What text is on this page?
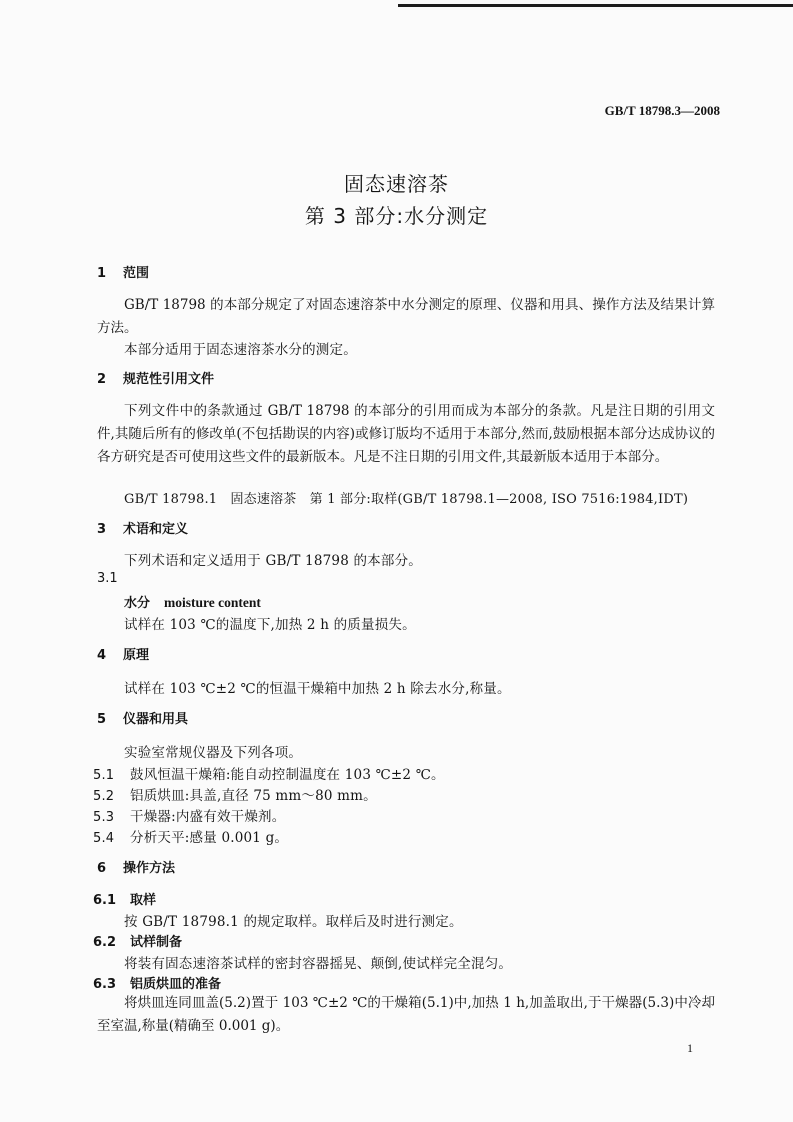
GB/T 18798.3—2008
固态速溶茶
第 3 部分:水分测定
1 范围
GB/T 18798 的本部分规定了对固态速溶茶中水分测定的原理、仪器和用具、操作方法及结果计算方法。
本部分适用于固态速溶茶水分的测定。
2 规范性引用文件
下列文件中的条款通过 GB/T 18798 的本部分的引用而成为本部分的条款。凡是注日期的引用文件,其随后所有的修改单(不包括勘误的内容)或修订版均不适用于本部分,然而,鼓励根据本部分达成协议的各方研究是否可使用这些文件的最新版本。凡是不注日期的引用文件,其最新版本适用于本部分。
GB/T 18798.1　固态速溶茶　第 1 部分:取样(GB/T 18798.1—2008, ISO 7516:1984,IDT)
3 术语和定义
下列术语和定义适用于 GB/T 18798 的本部分。
3.1
水分 moisture content
试样在 103 ℃的温度下,加热 2 h 的质量损失。
4 原理
试样在 103 ℃±2 ℃的恒温干燥箱中加热 2 h 除去水分,称量。
5 仪器和用具
实验室常规仪器及下列各项。
5.1 鼓风恒温干燥箱:能自动控制温度在 103 ℃±2 ℃。
5.2 铝质烘皿:具盖,直径 75 mm～80 mm。
5.3 干燥器:内盛有效干燥剂。
5.4 分析天平:感量 0.001 g。
6 操作方法
6.1 取样
按 GB/T 18798.1 的规定取样。取样后及时进行测定。
6.2 试样制备
将装有固态速溶茶试样的密封容器摇晃、颠倒,使试样完全混匀。
6.3 铝质烘皿的准备
将烘皿连同皿盖(5.2)置于 103 ℃±2 ℃的干燥箱(5.1)中,加热 1 h,加盖取出,于干燥器(5.3)中冷却至室温,称量(精确至 0.001 g)。
1
